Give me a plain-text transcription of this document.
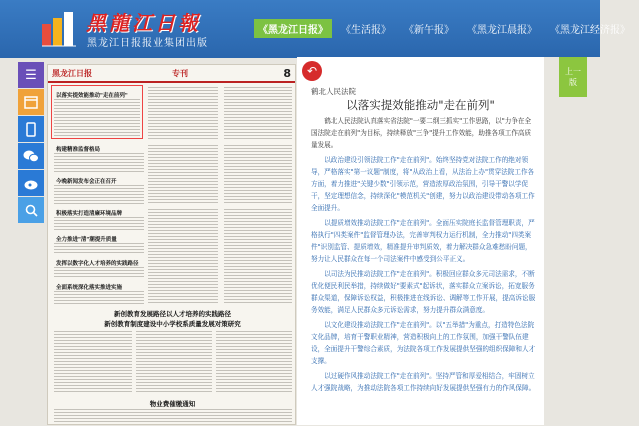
黑龍江日報
黑龙江日报报业集团出版
《黑龙江日报》	《生活报》	《新午报》	《黑龙江晨报》	《黑龙江经济报》
☰ 黑龙江日报	专刊	8
以落实提效能推动"走在前列"
构建精准监督格局
今晚新闻发布会正在召开
积极落实打造清廉环境品牌
全力推进"清"潮提升质量
发挥以数字化人才培养的实践路径
全面系统深化落实推进实施
新创教育发展路径以人才培养的实践路径
新创教育制度建设中小学校系质量发展对策研究
物业费催缴通知
↶
鹤北人民法院
以落实提效能推动"走在前列"

鹤北人民法院认真落实省法院"一要二纲三抓实"工作思路，以"力争在全国法院走在前列"为目标，持续释放"三争"提升工作效能，助推各项工作高质量发展。

以政治建设引领法院工作"走在前列"。始终坚持党对法院工作的绝对领导，严格落实"第一议题"制度，将"从政治上看，从法治上办"贯穿法院工作各方面，着力推进"关键少数"引领示范，营造浓厚政治氛围，引导干警以学促干，坚定理想信念，持续深化"模范机关"创建，努力以政治建设带动各项工作全面提升。

以提质增效推动法院工作"走在前列"。全面压实院庭长监督管理职责，严格执行"四类案件"监督管理办法，完善审判权力运行机制，全力推动"四类案件"识别监管、提质增效，精准提升审判质效，着力解决群众急难愁盼问题，努力让人民群众在每一个司法案件中感受到公平正义。

以司法为民推动法院工作"走在前列"。积极回应群众多元司法需求，不断优化便民利民举措，持续做好"要素式"起诉状，落实群众立案诉讼，拓宽服务群众渠道，保障诉讼权益，积极推进在线诉讼、调解等工作开展，提高诉讼服务效能，满足人民群众多元诉讼需求，努力提升群众满意度。

以文化建设推动法院工作"走在前列"。以"五举措"为重点，打造特色法院文化品牌，培育干警职业精神，营造积极向上的工作氛围，加强干警队伍建设，全面提升干警综合素质，为法院各项工作发展提供坚强的组织保障和人才支撑。

以过硬作风推动法院工作"走在前列"。坚持严管和厚爱相结合，牢固树立人才强院战略，为推动法院各项工作持续向好发展提供坚强有力的作风保障。

上一
版
